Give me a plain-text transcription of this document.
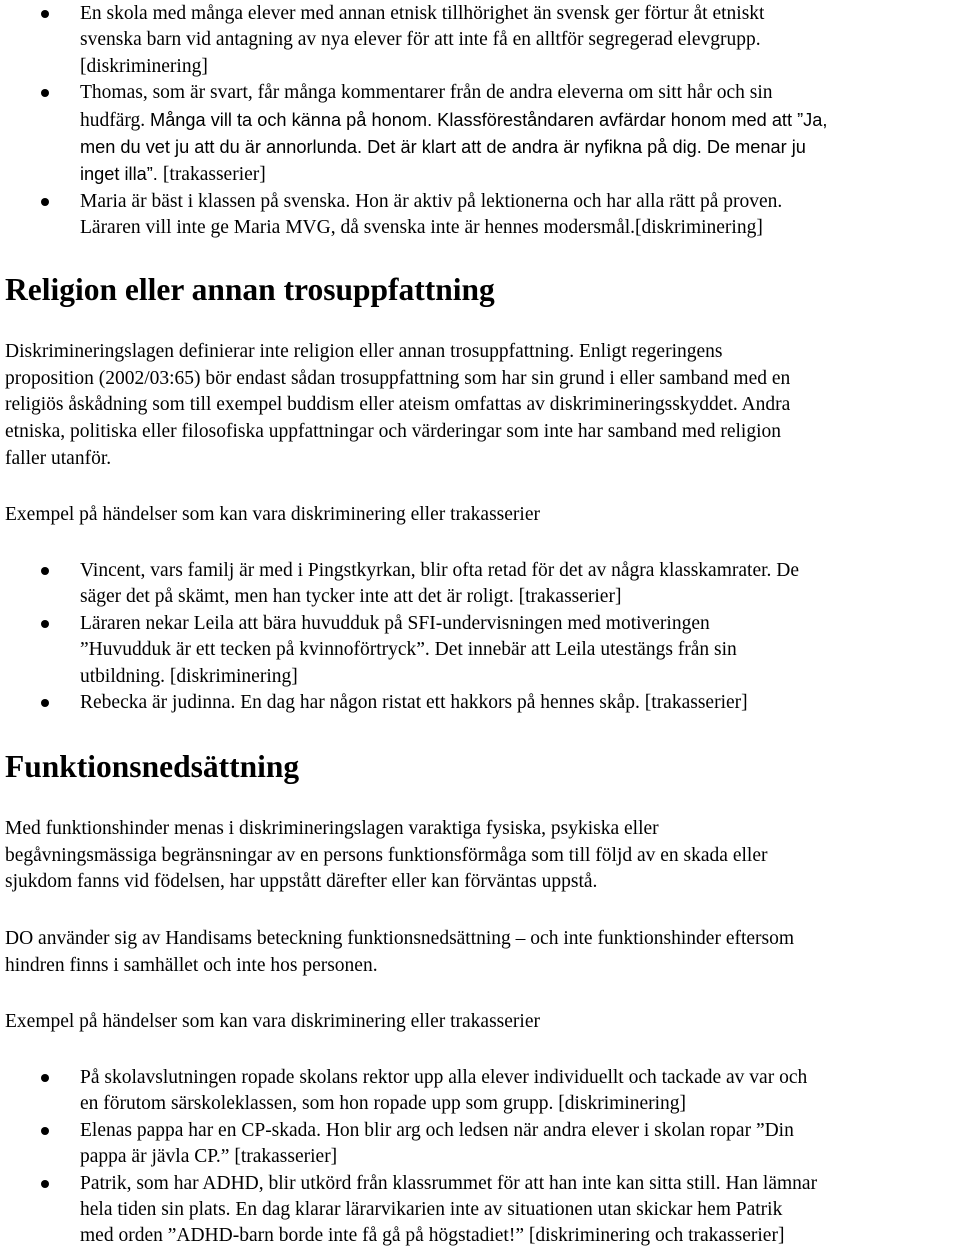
En skola med många elever med annan etnisk tillhörighet än svensk ger förtur åt etniskt
svenska barn vid antagning av nya elever för att inte få en alltför segregerad elevgrupp.
[diskriminering]
Thomas, som är svart, får många kommentarer från de andra eleverna om sitt hår och sin
hudfärg. Många vill ta och känna på honom. Klassföreståndaren avfärdar honom med att ”Ja,
men du vet ju att du är annorlunda. Det är klart att de andra är nyfikna på dig. De menar ju
inget illa”. [trakasserier]
Maria är bäst i klassen på svenska. Hon är aktiv på lektionerna och har alla rätt på proven.
Läraren vill inte ge Maria MVG, då svenska inte är hennes modersmål.[diskriminering]
Religion eller annan trosuppfattning

Diskrimineringslagen definierar inte religion eller annan trosuppfattning. Enligt regeringens
proposition (2002/03:65) bör endast sådan trosuppfattning som har sin grund i eller samband med en
religiös åskådning som till exempel buddism eller ateism omfattas av diskrimineringsskyddet. Andra
etniska, politiska eller filosofiska uppfattningar och värderingar som inte har samband med religion
faller utanför.

Exempel på händelser som kan vara diskriminering eller trakasserier

Vincent, vars familj är med i Pingstkyrkan, blir ofta retad för det av några klasskamrater. De
säger det på skämt, men han tycker inte att det är roligt. [trakasserier]
Läraren nekar Leila att bära huvudduk på SFI-undervisningen med motiveringen
”Huvudduk är ett tecken på kvinnoförtryck”. Det innebär att Leila utestängs från sin
utbildning. [diskriminering]
Rebecka är judinna. En dag har någon ristat ett hakkors på hennes skåp. [trakasserier]
Funktionsnedsättning

Med funktionshinder menas i diskrimineringslagen varaktiga fysiska, psykiska eller
begåvningsmässiga begränsningar av en persons funktionsförmåga som till följd av en skada eller
sjukdom fanns vid födelsen, har uppstått därefter eller kan förväntas uppstå.

DO använder sig av Handisams beteckning funktionsnedsättning – och inte funktionshinder eftersom
hindren finns i samhället och inte hos personen.

Exempel på händelser som kan vara diskriminering eller trakasserier

På skolavslutningen ropade skolans rektor upp alla elever individuellt och tackade av var och
en förutom särskoleklassen, som hon ropade upp som grupp. [diskriminering]
Elenas pappa har en CP-skada. Hon blir arg och ledsen när andra elever i skolan ropar ”Din
pappa är jävla CP.” [trakasserier]
Patrik, som har ADHD, blir utkörd från klassrummet för att han inte kan sitta still. Han lämnar
hela tiden sin plats. En dag klarar lärarvikarien inte av situationen utan skickar hem Patrik
med orden ”ADHD-barn borde inte få gå på högstadiet!” [diskriminering och trakasserier]
